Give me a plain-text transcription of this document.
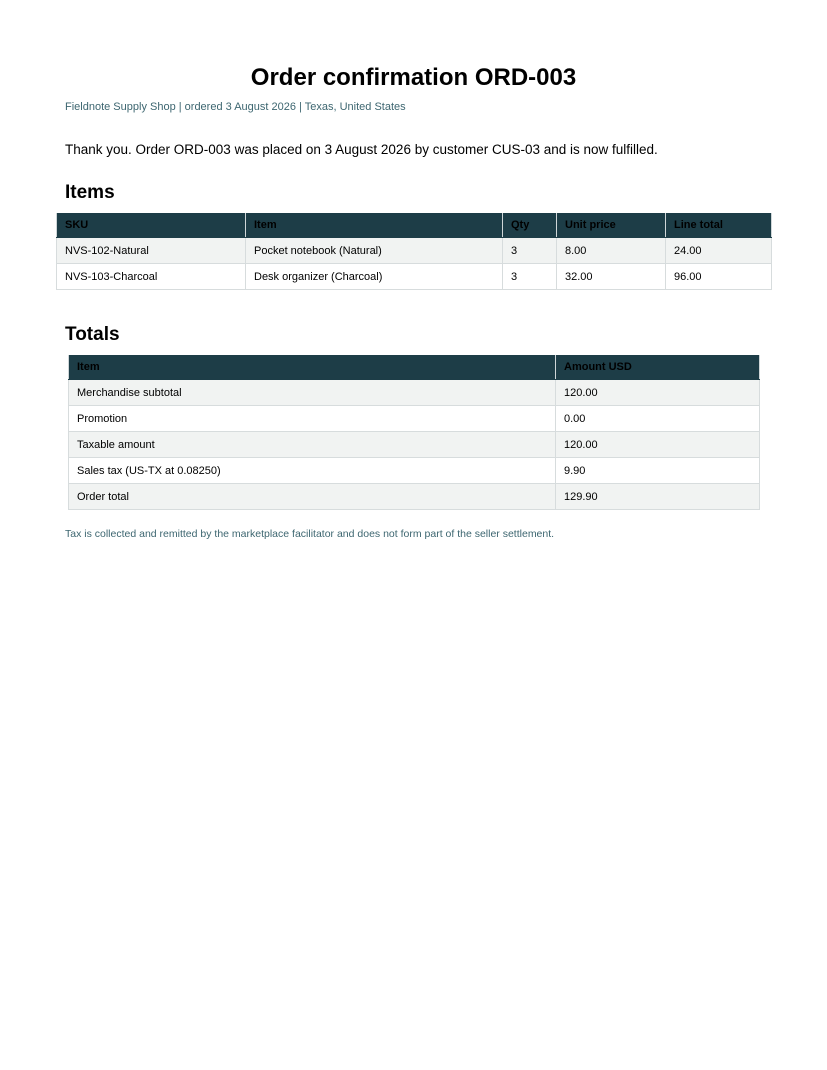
Order confirmation ORD-003

Fieldnote Supply Shop | ordered 3 August 2026 | Texas, United States

Thank you. Order ORD-003 was placed on 3 August 2026 by customer CUS-03 and is now fulfilled.

Items
SKU	Item	Qty	Unit price	Line total
NVS-102-Natural	Pocket notebook (Natural)	3	8.00	24.00
NVS-103-Charcoal	Desk organizer (Charcoal)	3	32.00	96.00
Totals
Item	Amount USD
Merchandise subtotal	120.00
Promotion	0.00
Taxable amount	120.00
Sales tax (US-TX at 0.08250)	9.90
Order total	129.90

Tax is collected and remitted by the marketplace facilitator and does not form part of the seller settlement.
